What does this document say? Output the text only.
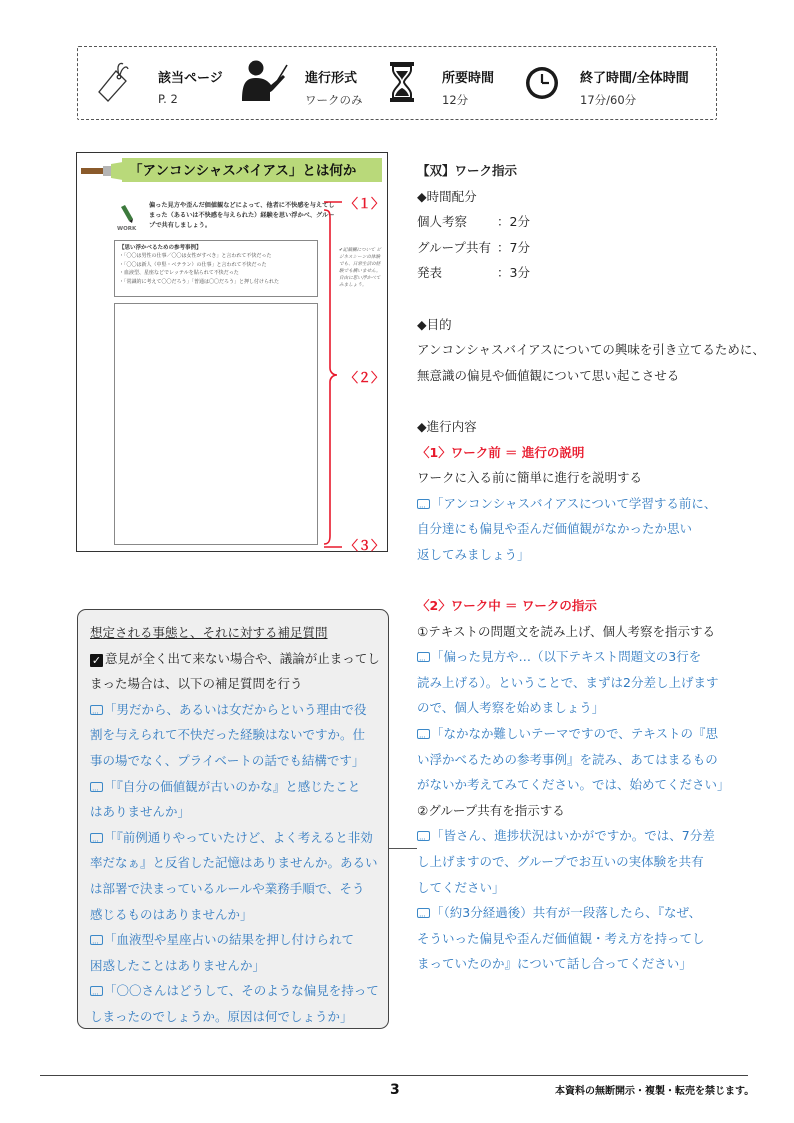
該当ページ
P. 2
進行形式
ワークのみ
所要時間
12分
終了時間/全体時間
17分/60分
「アンコンシャスバイアス」とは何か
WORK
偏った見方や歪んだ価値観などによって、他者に不快感を与えてしまった（あるいは不快感を与えられた）経験を思い浮かべ、グループで共有しましょう。
【思い浮かべるための参考事例】
・「〇〇は男性の仕事／〇〇は女性がすべき」と言われて不快だった
・「〇〇は新人（中堅・ベテラン）の仕事」と言われて不快だった
・血液型、星座などでレッテルを貼られて不快だった
・「常識的に考えて〇〇だろう」「普通は〇〇だろう」と押し付けられた
✔記載欄について ビジネスシーンの体験でも、日常生活の経験でも構いません。自由に思い浮かべてみましょう。
〈１〉
〈２〉
〈３〉
【双】ワーク指示
◆時間配分
個人考察 ：2分
グループ共有 ：7分
発表	：3分
◆目的
アンコンシャスバイアスについての興味を引き立てるために、
無意識の偏見や価値観について思い起こさせる
◆進行内容
〈1〉ワーク前 ＝ 進行の説明
ワークに入る前に簡単に進行を説明する
···「アンコンシャスバイアスについて学習する前に、
自分達にも偏見や歪んだ価値観がなかったか思い
返してみましょう」
〈2〉ワーク中 ＝ ワークの指示
①テキストの問題文を読み上げ、個人考察を指示する
···「偏った見方や…（以下テキスト問題文の3行を
読み上げる）。ということで、まずは2分差し上げます
ので、個人考察を始めましょう」
···「なかなか難しいテーマですので、テキストの『思
い浮かべるための参考事例』を読み、あてはまるもの
がないか考えてみてください。では、始めてください」
②グループ共有を指示する
···「皆さん、進捗状況はいかがですか。では、7分差
し上げますので、グループでお互いの実体験を共有
してください」
···「（約3分経過後）共有が一段落したら、『なぜ、
そういった偏見や歪んだ価値観・考え方を持ってし
まっていたのか』について話し合ってください」
想定される事態と、それに対する補足質問
✓ 意見が全く出て来ない場合や、議論が止まってし
まった場合は、以下の補足質問を行う
···「男だから、あるいは女だからという理由で役
割を与えられて不快だった経験はないですか。仕
事の場でなく、プライベートの話でも結構です」
···「『自分の価値観が古いのかな』と感じたこと
はありませんか」
···「『前例通りやっていたけど、よく考えると非効
率だなぁ』と反省した記憶はありませんか。あるい
は部署で決まっているルールや業務手順で、そう
感じるものはありませんか」
···「血液型や星座占いの結果を押し付けられて
困惑したことはありませんか」
···「〇〇さんはどうして、そのような偏見を持って
しまったのでしょうか。原因は何でしょうか」
3	本資料の無断開示・複製・転売を禁じます。
